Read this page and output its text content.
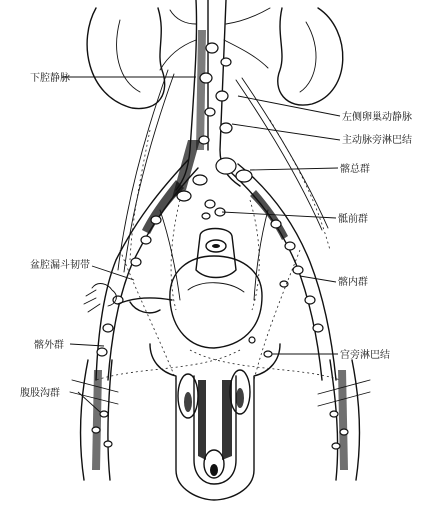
下腔静脉
左侧卵巢动静脉
主动脉旁淋巴结
髂总群
骶前群
盆腔漏斗韧带
髂内群
髂外群
宫旁淋巴结
腹股沟群
